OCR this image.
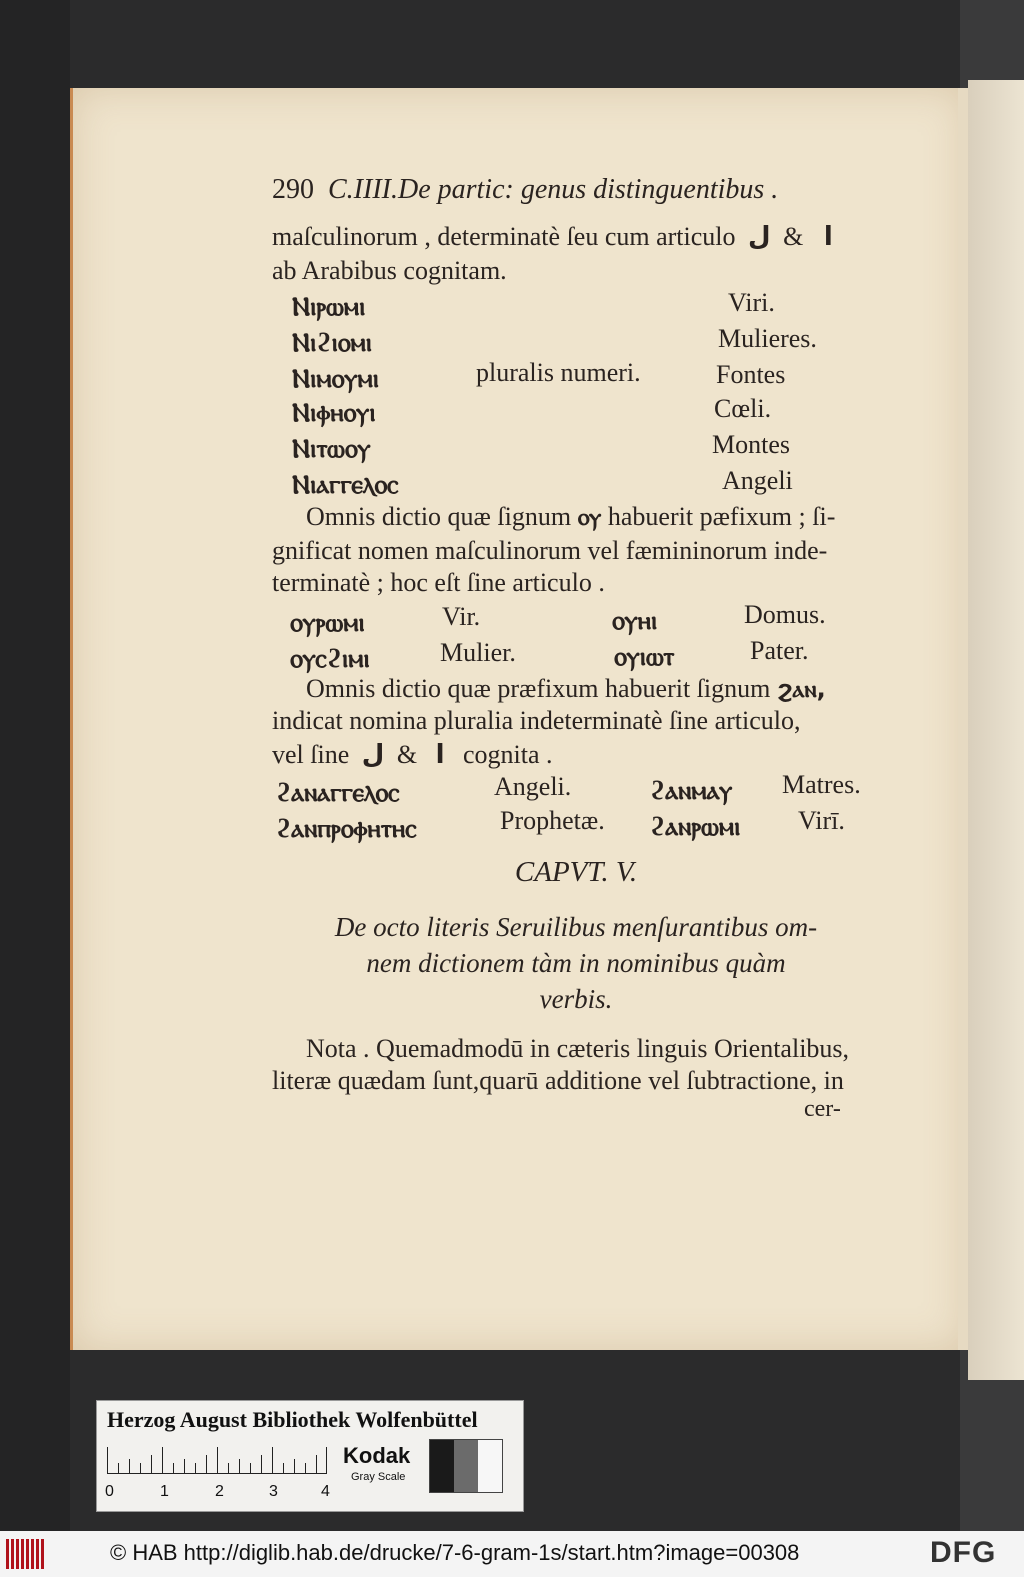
290 C.IIII.De partic: genus distinguentibus .
maſculinorum , determinatè ſeu cum articulo	ا & ل
ab Arabibus cognitam.
Ⲛⲓⲣⲱⲙⲓ	Viri.
Ⲛⲓϩⲓⲟⲙⲓ	Mulieres.
Ⲛⲓⲙⲟⲩⲙⲓ	pluralis numeri.	Fontes
Ⲛⲓⲫⲏⲟⲩⲓ	Cœli.
Ⲛⲓⲧⲱⲟⲩ	Montes
Ⲛⲓⲁⲅⲅⲉⲗⲟⲥ	Angeli
Omnis dictio quæ ſignum ⲟⲩ habuerit pæfixum ; ſi-
gnificat nomen maſculinorum vel fæmininorum inde-
terminatè ; hoc eſt ſine articulo .
ⲟⲩⲣⲱⲙⲓ	Vir.	ⲟⲩⲏⲓ	Domus.
ⲟⲩⲥϩⲓⲙⲓ	Mulier.	ⲟⲩⲓⲱⲧ	Pater.
Omnis dictio quæ præfixum habuerit ſignum ϩⲁⲛ,
indicat nomina pluralia indeterminatè ſine articulo,
vel ſine	ا & ل	cognita .
ϩⲁⲛⲁⲅⲅⲉⲗⲟⲥ	Angeli.	ϩⲁⲛⲙⲁⲩ Matres.
ϩⲁⲛⲡⲣⲟⲫⲏⲧⲏⲥ	Prophetæ. ϩⲁⲛⲣⲱⲙⲓ Virī.
CAPVT. V.
De octo literis Seruilibus menſurantibus om-
nem dictionem tàm in nominibus quàm
verbis.
Nota . Quemadmodū in cæteris linguis Orientalibus,
literæ quædam ſunt,quarū additione vel ſubtractione, in
cer-
Herzog August Bibliothek Wolfenbüttel
0	1	2	3	4
Kodak
Gray Scale
© HAB http://diglib.hab.de/drucke/7-6-gram-1s/start.htm?image=00308	DFG
